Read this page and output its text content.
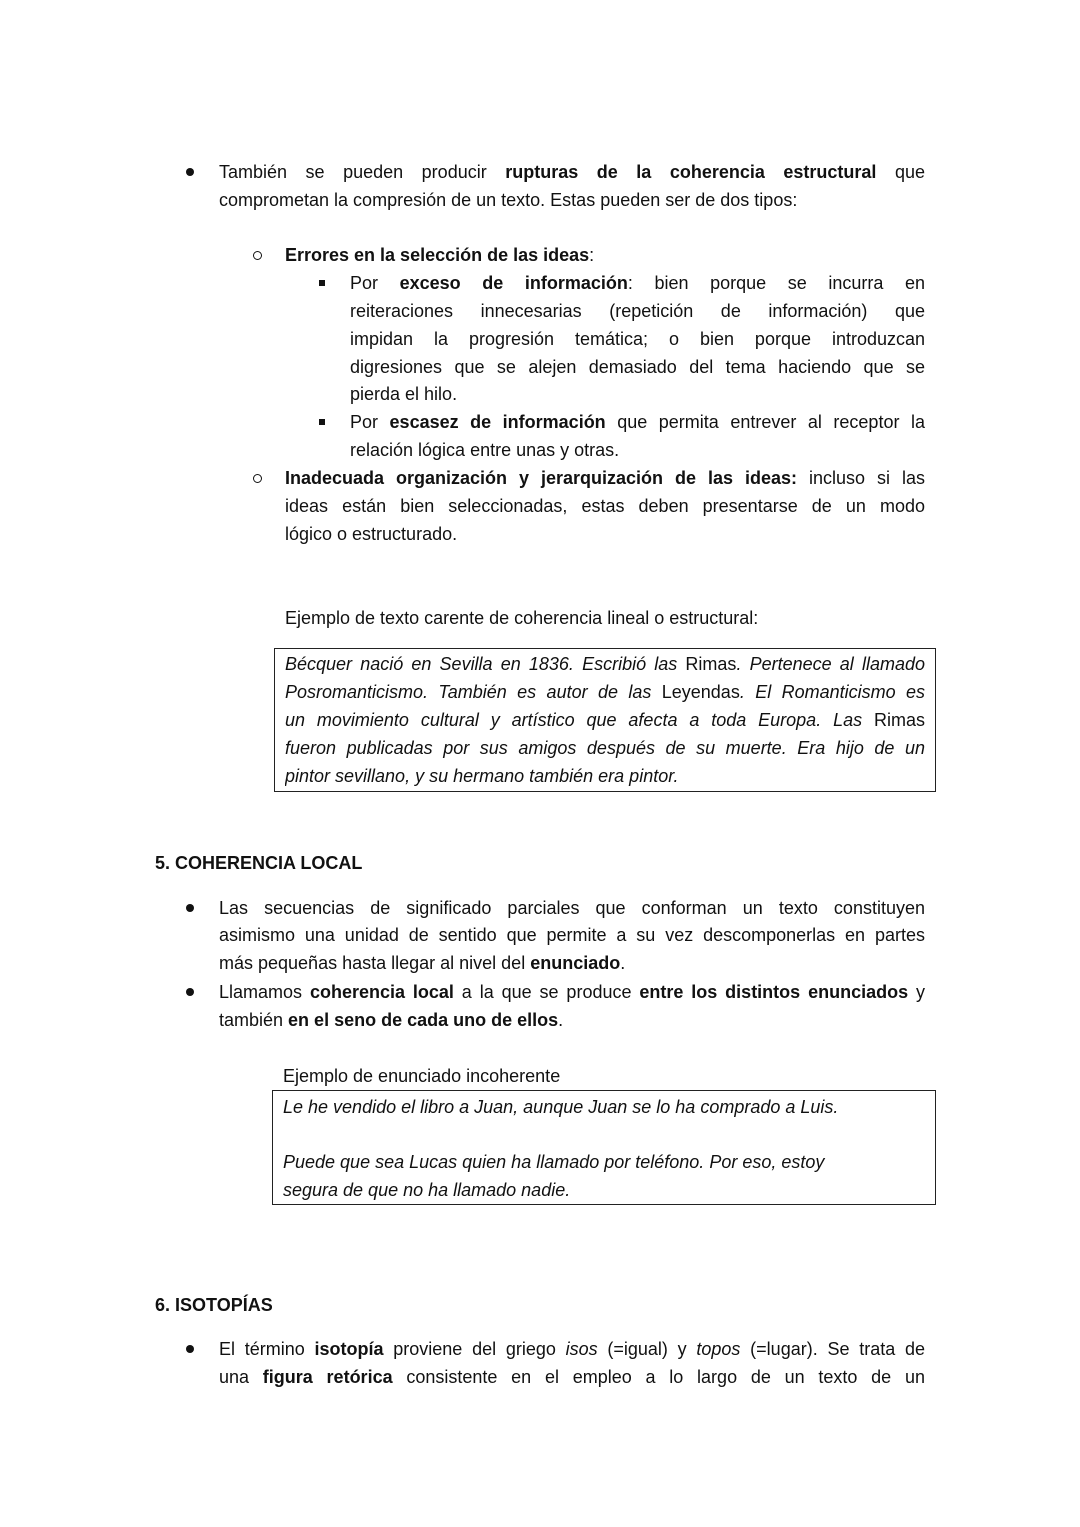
También se pueden producir rupturas de la coherencia estructural que
comprometan la compresión de un texto. Estas pueden ser de dos tipos:
Errores en la selección de las ideas:
Por exceso de información: bien porque se incurra en
reiteraciones innecesarias (repetición de información) que
impidan la progresión temática; o bien porque introduzcan
digresiones que se alejen demasiado del tema haciendo que se
pierda el hilo.
Por escasez de información que permita entrever al receptor la
relación lógica entre unas y otras.
Inadecuada organización y jerarquización de las ideas: incluso si las
ideas están bien seleccionadas, estas deben presentarse de un modo
lógico o estructurado.
Ejemplo de texto carente de coherencia lineal o estructural:
Bécquer nació en Sevilla en 1836. Escribió las Rimas. Pertenece al llamado
Posromanticismo. También es autor de las Leyendas. El Romanticismo es
un movimiento cultural y artístico que afecta a toda Europa. Las Rimas
fueron publicadas por sus amigos después de su muerte. Era hijo de un
pintor sevillano, y su hermano también era pintor.
5. COHERENCIA LOCAL
Las secuencias de significado parciales que conforman un texto constituyen
asimismo una unidad de sentido que permite a su vez descomponerlas en partes
más pequeñas hasta llegar al nivel del enunciado.
Llamamos coherencia local a la que se produce entre los distintos enunciados y
también en el seno de cada uno de ellos.
Ejemplo de enunciado incoherente
Le he vendido el libro a Juan, aunque Juan se lo ha comprado a Luis.
Puede que sea Lucas quien ha llamado por teléfono. Por eso, estoy
segura de que no ha llamado nadie.
6. ISOTOPÍAS
El término isotopía proviene del griego isos (=igual) y topos (=lugar). Se trata de
una figura retórica consistente en el empleo a lo largo de un texto de un
